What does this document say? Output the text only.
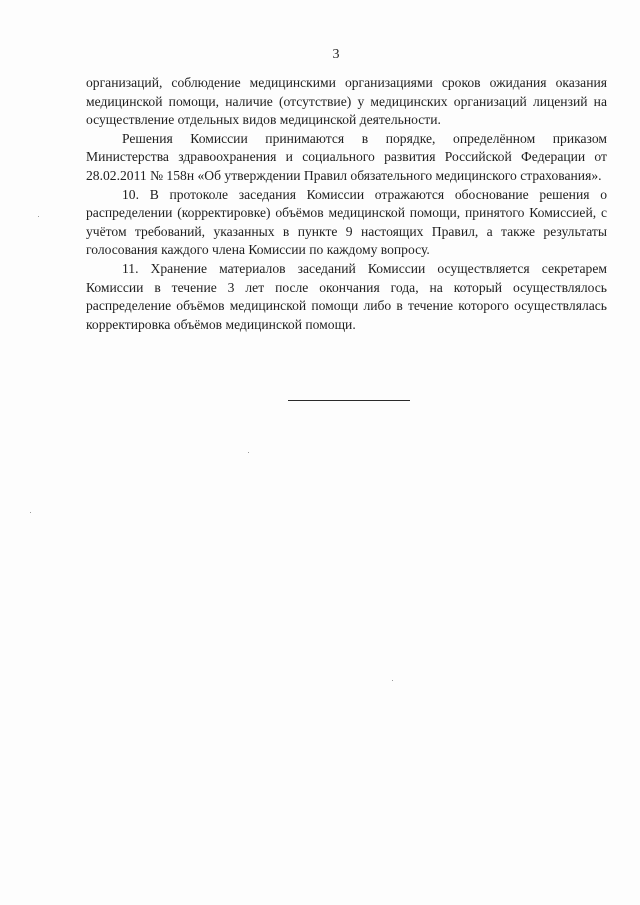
3

организаций, соблюдение медицинскими организациями сроков ожидания оказания медицинской помощи, наличие (отсутствие) у медицинских организаций лицензий на осуществление отдельных видов медицинской деятельности.

Решения Комиссии принимаются в порядке, определённом приказом Министерства здравоохранения и социального развития Российской Федерации от 28.02.2011 № 158н «Об утверждении Правил обязательного медицинского страхования».

10. В протоколе заседания Комиссии отражаются обоснование решения о распределении (корректировке) объёмов медицинской помощи, принятого Комиссией, с учётом требований, указанных в пункте 9 настоящих Правил, а также результаты голосования каждого члена Комиссии по каждому вопросу.

11. Хранение материалов заседаний Комиссии осуществляется секретарем Комиссии в течение 3 лет после окончания года, на который осуществлялось распределение объёмов медицинской помощи либо в течение которого осуществлялась корректировка объёмов медицинской помощи.
